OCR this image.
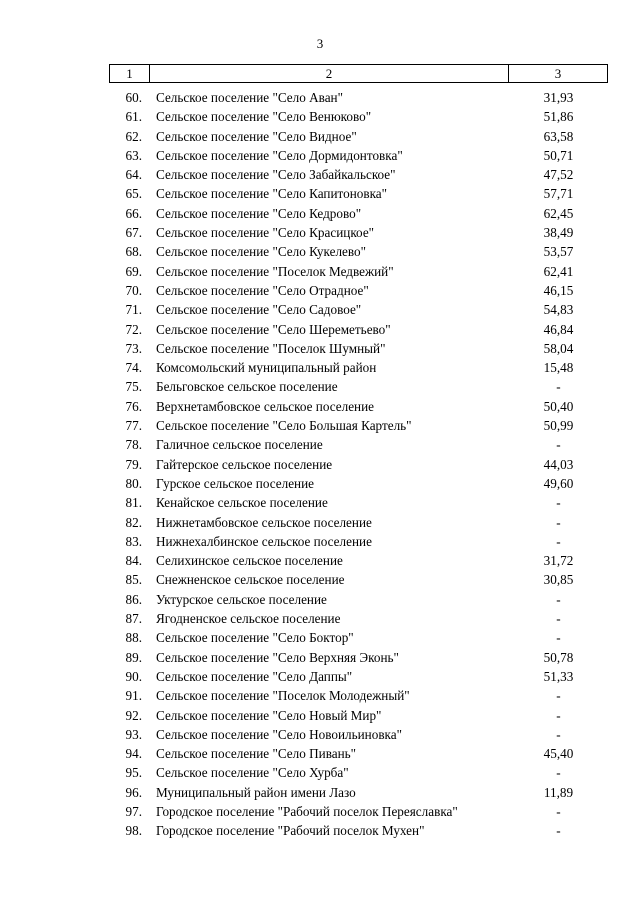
3
1	2	3
60. Сельское поселение "Село Аван"	31,93
61. Сельское поселение "Село Венюково"	51,86
62. Сельское поселение "Село Видное"	63,58
63. Сельское поселение "Село Дормидонтовка"	50,71
64. Сельское поселение "Село Забайкальское"	47,52
65. Сельское поселение "Село Капитоновка"	57,71
66. Сельское поселение "Село Кедрово"	62,45
67. Сельское поселение "Село Красицкое"	38,49
68. Сельское поселение "Село Кукелево"	53,57
69. Сельское поселение "Поселок Медвежий"	62,41
70. Сельское поселение "Село Отрадное"	46,15
71. Сельское поселение "Село Садовое"	54,83
72. Сельское поселение "Село Шереметьево"	46,84
73. Сельское поселение "Поселок Шумный"	58,04
74. Комсомольский муниципальный район	15,48
75. Бельговское сельское поселение	-
76. Верхнетамбовское сельское поселение	50,40
77. Сельское поселение "Село Большая Картель"	50,99
78. Галичное сельское поселение	-
79. Гайтерское сельское поселение	44,03
80. Гурское сельское поселение	49,60
81. Кенайское сельское поселение	-
82. Нижнетамбовское сельское поселение	-
83. Нижнехалбинское сельское поселение	-
84. Селихинское сельское поселение	31,72
85. Снежненское сельское поселение	30,85
86. Уктурское сельское поселение	-
87. Ягодненское сельское поселение	-
88. Сельское поселение "Село Боктор"	-
89. Сельское поселение "Село Верхняя Эконь"	50,78
90. Сельское поселение "Село Даппы"	51,33
91. Сельское поселение "Поселок Молодежный"	-
92. Сельское поселение "Село Новый Мир"	-
93. Сельское поселение "Село Новоильиновка"	-
94. Сельское поселение "Село Пивань"	45,40
95. Сельское поселение "Село Хурба"	-
96. Муниципальный район имени Лазо	11,89
97. Городское поселение "Рабочий поселок Переяславка"	-
98. Городское поселение "Рабочий поселок Мухен"	-
